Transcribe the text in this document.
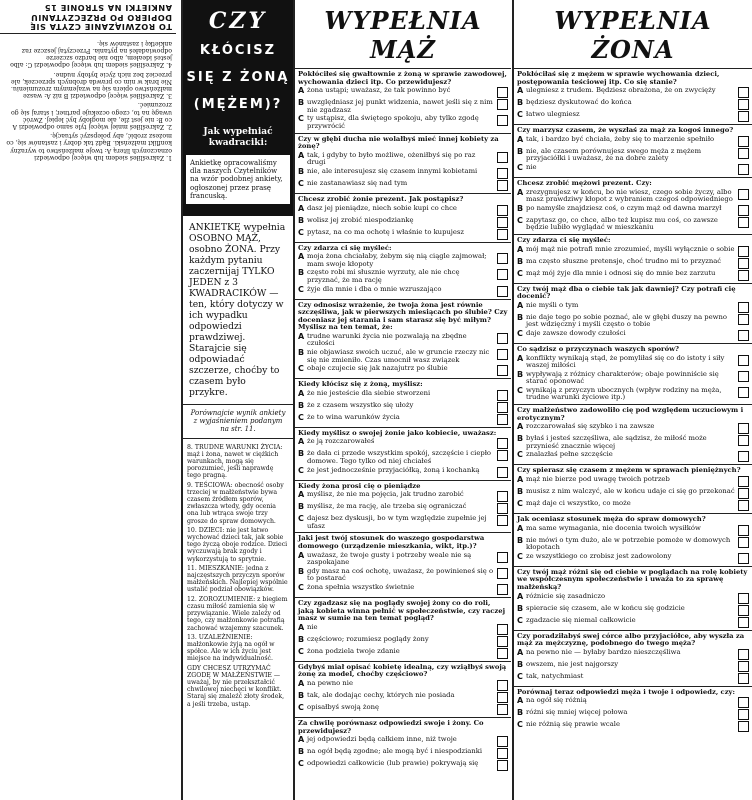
1. Zakreśliłeś siedem lub więcej odpowiedzi oznaczonych literą A: twoje małżeństwo to wyraźny konflikt małżeński. Bądź tak dobry i zastanów się, co możesz zrobić, aby polepszyć sytuację.

2. Zakreśliłeś mniej więcej tyle samo odpowiedzi A co B: nie jest źle, ale mogłoby być lepiej. Zwróć uwagę na to, czego oczekuje partner, i staraj się go zrozumieć.

3. Zakreśliłeś więcej odpowiedzi B niż A: wasze małżeństwo opiera się na wzajemnym zrozumieniu. Nie brak w nim co prawda drobnych sprzeczek, ale przecież bez nich życie byłoby nudne.

4. Zakreśliłeś siedem lub więcej odpowiedzi C: albo jesteś ideałem, albo nie bardzo szczerze odpowiadałeś na pytania. Przeczytaj jeszcze raz ankietkę i zastanów się.

TO ROZWIĄZANIE CZYTA SIĘ DOPIERO PO PRZECZYTANIU ANKIETKI NA STRONIE 15	CZY
KŁÓCISZ
SIĘ Z ŻONĄ
(MĘŻEM)?
Jak wypełniać kwadraciki:
Ankietkę opracowaliśmy dla naszych Czytelników na wzór podobnej ankiety, ogłoszonej przez prasę francuską.
ANKIETKĘ wypełnia OSOBNO MĄŻ, osobno ŻONA. Przy każdym pytaniu zaczernijaj TYLKO JEDEN z 3 KWADRACIKÓW — ten, który dotyczy w ich wypadku odpowiedzi prawdziwej. Starajcie się odpowiadać szczerze, choćby to czasem było przykre.
Porównajcie wynik ankiety z wyjaśnieniem podanym na str. 11.

8. TRUDNE WARUNKI ŻYCIA: mąż i żona, nawet w ciężkich warunkach, mogą się porozumieć, jeśli naprawdę tego pragną.

9. TEŚCIOWA: obecność osoby trzeciej w małżeństwie bywa czasem źródłem sporów, zwłaszcza wtedy, gdy ocenia ona lub wtrąca swoje trzy grosze do spraw domowych.

10. DZIECI: nie jest łatwo wychować dzieci tak, jak sobie tego życzą oboje rodzice. Dzieci wyczuwają brak zgody i wykorzystują to sprytnie.

11. MIESZKANIE: jedna z najczęstszych przyczyn sporów małżeńskich. Najlepiej wspólnie ustalić podział obowiązków.

12. ZOROZUMIENIE: z biegiem czasu miłość zamienia się w przywiązanie. Wiele zależy od tego, czy małżonkowie potrafią zachować wzajemny szacunek.

13. UZALEŻNIENIE: małżonkowie żyją na ogół w spółce. Ale w ich życiu jest miejsce na indywidualność.

GDY CHCESZ UTRZYMAĆ ZGODĘ W MAŁŻEŃSTWIE — uważaj, by nie przekształcić chwilowej niechęci w konflikt. Staraj się znaleźć złoty środek, a jeśli trzeba, ustąp.

WYPEŁNIA MĄŻ
Pokłóciłeś się gwałtownie z żoną w sprawie zawodowej, wychowania dzieci itp. Co przewidujesz?
A żona ustąpi; uważasz, że tak powinno być
B uwzględniasz jej punkt widzenia, nawet jeśli się z nim nie zgadzasz
C ty ustąpisz, dla świętego spokoju, aby tylko zgodę przywrócić
Czy w głębi ducha nie wolałbyś mieć innej kobiety za żonę?
A tak, i gdyby to było możliwe, ożeniłbyś się po raz drugi
B nie, ale interesujesz się czasem innymi kobietami
C nie zastanawiasz się nad tym
Chcesz zrobić żonie prezent. Jak postąpisz?
A dasz jej pieniądze, niech sobie kupi co chce
B wolisz jej zrobić niespodziankę
C pytasz, na co ma ochotę i właśnie to kupujesz
Czy zdarza ci się myśleć:
A moja żona chciałaby, żebym się nią ciągle zajmował; mam swoje kłopoty
B często robi mi słusznie wyrzuty, ale nie chcę przyznać, że ma rację
C żyje dla mnie i dba o mnie wzruszająco
Czy odnosisz wrażenie, że twoja żona jest równie szczęśliwa, jak w pierwszych miesiącach po ślubie? Czy doceniasz jej starania i sam starasz się być miłym? Myślisz na ten temat, że:
A trudne warunki życia nie pozwalają na zbędne czułości
B nie objawiasz swoich uczuć, ale w gruncie rzeczy nic się nie zmieniło. Czas umocnił wasz związek
C obaje czujecie się jak nazajutrz po ślubie
Kiedy kłócisz się z żoną, myślisz:
A że nie jesteście dla siebie stworzeni
B że z czasem wszystko się ułoży
C że to wina warunków życia
Kiedy myślisz o swojej żonie jako kobiecie, uważasz:
A że ją rozczarowałeś
B że dała ci przede wszystkim spokój, szczęście i ciepło domowe. Tego tylko od niej chciałeś
C że jest jednocześnie przyjaciółką, żoną i kochanką
Kiedy żona prosi cię o pieniądze
A myślisz, że nie ma pojęcia, jak trudno zarobić
B myślisz, że ma rację, ale trzeba się ograniczać
C dajesz bez dyskusji, bo w tym względzie zupełnie jej ufasz
Jaki jest twój stosunek do waszego gospodarstwa domowego (urządzenie mieszkania, wikt, itp.)?
A uważasz, że twoje gusty i potrzeby weale nie są zaspokajane
B gdy masz na coś ochotę, uważasz, że powinieneś się o to postarać
C żona spełnia wszystko świetnie
Czy zgadzasz się na poglądy swojej żony co do roli, jaką kobieta winna pełnić w społeczeństwie, czy raczej masz w sumie na ten temat pogląd?
A nie
B częściowo; rozumiesz poglądy żony
C żona podziela twoje zdanie
Gdybyś miał opisać kobietę idealną, czy wziąłbyś swoją żonę za model, choćby częściowo?
A na pewno nie
B tak, ale dodając cechy, których nie posiada
C opisałbyś swoją żonę
Za chwilę porównasz odpowiedzi swoje i żony. Co przewidujesz?
A jej odpowiedzi będą całkiem inne, niż twoje
B na ogół będą zgodne; ale mogą być i niespodzianki
C odpowiedzi całkowicie (lub prawie) pokrywają się
WYPEŁNIA ŻONA
Pokłóciłaś się z mężem w sprawie wychowania dzieci, postępowania teściowej itp. Co się stanie?
A ulegniesz z trudem. Będziesz obrażona, że on zwycięży
B będziesz dyskutować do końca
C łatwo ulegniesz
Czy marzysz czasem, że wyszłaś za mąż za kogoś innego?
A tak, i bardzo być chciała, żeby się to marzenie spełniło
B nie, ale czasem porównujesz swego męża z mężem przyjaciółki i uważasz, że na dobre zalety
C nie
Chcesz zrobić mężowi prezent. Czy:
A zrezygnujesz w końcu, bo nie wiesz, czego sobie życzy, albo masz prawdziwy kłopot z wybraniem czegoś odpowiedniego
B po namyśle znajdziesz coś, o czym mąż od dawna marzył
C zapytasz go, co chce, albo też kupisz mu coś, co zawsze będzie lubiło wyglądać w mieszkaniu
Czy zdarza ci się myśleć:
A mój mąż nie potrafi mnie zrozumieć, myśli wyłącznie o sobie
B ma często słuszne pretensje, choć trudno mi to przyznać
C mąż mój żyje dla mnie i odnosi się do mnie bez zarzutu
Czy twój mąż dba o ciebie tak jak dawniej? Czy potrafi cię docenić?
A nie myśli o tym
B nie daje tego po sobie poznać, ale w głębi duszy na pewno jest wdzięczny i myśli często o tobie
C daje zawsze dowody czułości
Co sądzisz o przyczynach waszych sporów?
A konflikty wynikają stąd, że pomyliłaś się co do istoty i siły waszej miłości
B wypływają z różnicy charakterów; obaje powinniście się starać oponować
C wynikają z przyczyn ubocznych (wpływ rodziny na męża, trudne warunki życiowe itp.)
Czy małżeństwo zadowoliło cię pod względem uczuciowym i erotycznym?
A rozczarowałaś się szybko i na zawsze
B byłaś i jesteś szczęśliwa, ale sądzisz, że miłość może przynieść znacznie więcej
C znalazłaś pełne szczęście
Czy spierasz się czasem z mężem w sprawach pieniężnych?
A mąż nie bierze pod uwagę twoich potrzeb
B musisz z nim walczyć, ale w końcu udaje ci się go przekonać
C mąż daje ci wszystko, co może
Jak oceniasz stosunek męża do spraw domowych?
A ma same wymagania, nie docenia twoich wysiłków
B nie mówi o tym dużo, ale w potrzebie pomoże w domowych kłopotach
C ze wszystkiego co zrobisz jest zadowolony
Czy twój mąż różni się od ciebie w poglądach na rolę kobiety we współczesnym społeczeństwie i uważa to za sprawę małżeńską?
A różnicie się zasadniczo
B spieracie się czasem, ale w końcu się godzicie
C zgadzacie się niemal całkowicie
Czy poradziłabyś swej córce albo przyjaciółce, aby wyszła za mąż za mężczyznę, podobnego do twego męża?
A na pewno nie — byłaby bardzo nieszczęśliwa
B owszem, nie jest najgorszy
C tak, natychmiast
Porównaj teraz odpowiedzi męża i twoje i odpowiedz, czy:
A na ogół się różnią
B różni się mniej więcej połowa
C nie różnią się prawie wcale
